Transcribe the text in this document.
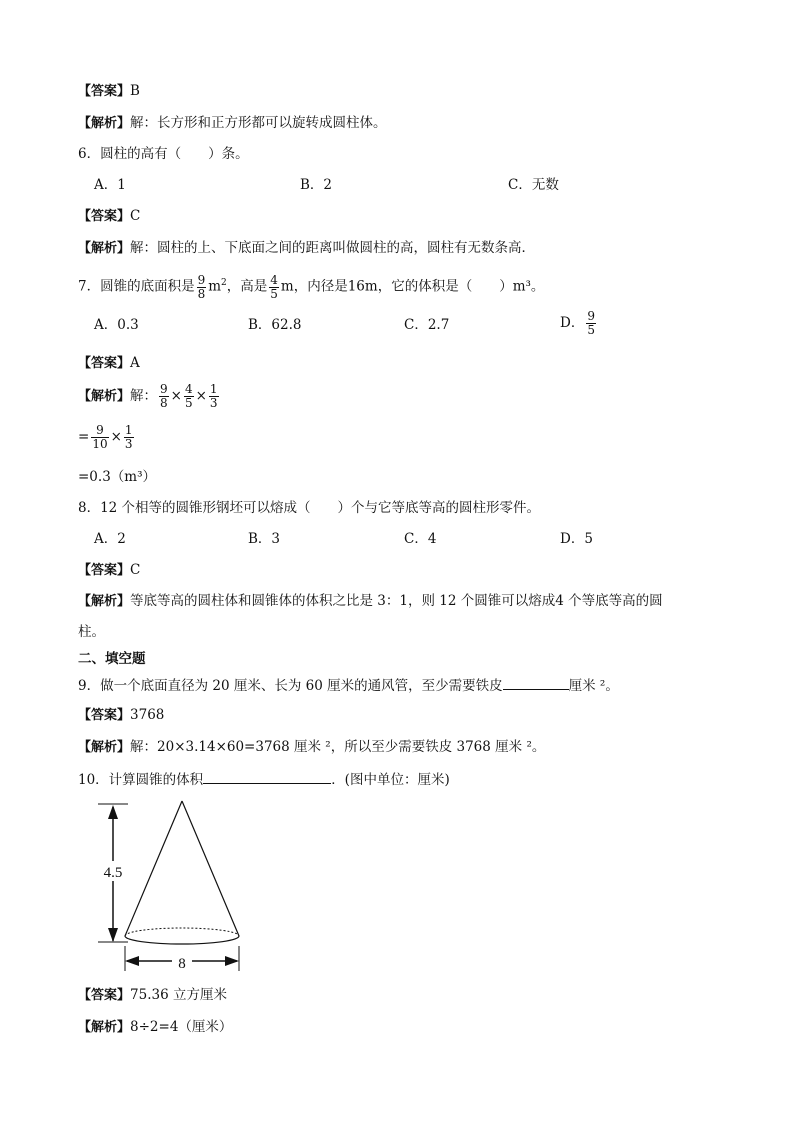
【答案】B
【解析】解：长方形和正方形都可以旋转成圆柱体。
6．圆柱的高有（　　）条。
A．1	B．2	C．无数
【答案】C
【解析】解：圆柱的上、下底面之间的距离叫做圆柱的高，圆柱有无数条高．
7．圆锥的底面积是 $\frac{9}{8} m^2$，高是 $\frac{4}{5}$ m，内径是16m，它的体积是（　　）m³。
A．0.3	B．62.8	C．2.7	D． $\frac{9}{5}$
【答案】A
【解析】解： $\frac{9}{8} \times \frac{4}{5} \times \frac{1}{3}$
= $\frac{9}{10} \times \frac{1}{3}$
=0.3（m³）
8．12 个相等的圆锥形钢坯可以熔成（　　）个与它等底等高的圆柱形零件。
A．2	B．3	C．4	D．5
【答案】C
【解析】等底等高的圆柱体和圆锥体的体积之比是 3：1，则 12 个圆锥可以熔成4 个等底等高的圆
柱。
二、填空题
9．做一个底面直径为 20 厘米、长为 60 厘米的通风管，至少需要铁皮	厘米 ²。
【答案】3768
【解析】解：20×3.14×60=3768 厘米 ²，所以至少需要铁皮 3768 厘米 ²。
10．计算圆锥的体积	．(图中单位：厘米)
4.5
8
【答案】75.36 立方厘米
【解析】8÷2=4（厘米）
